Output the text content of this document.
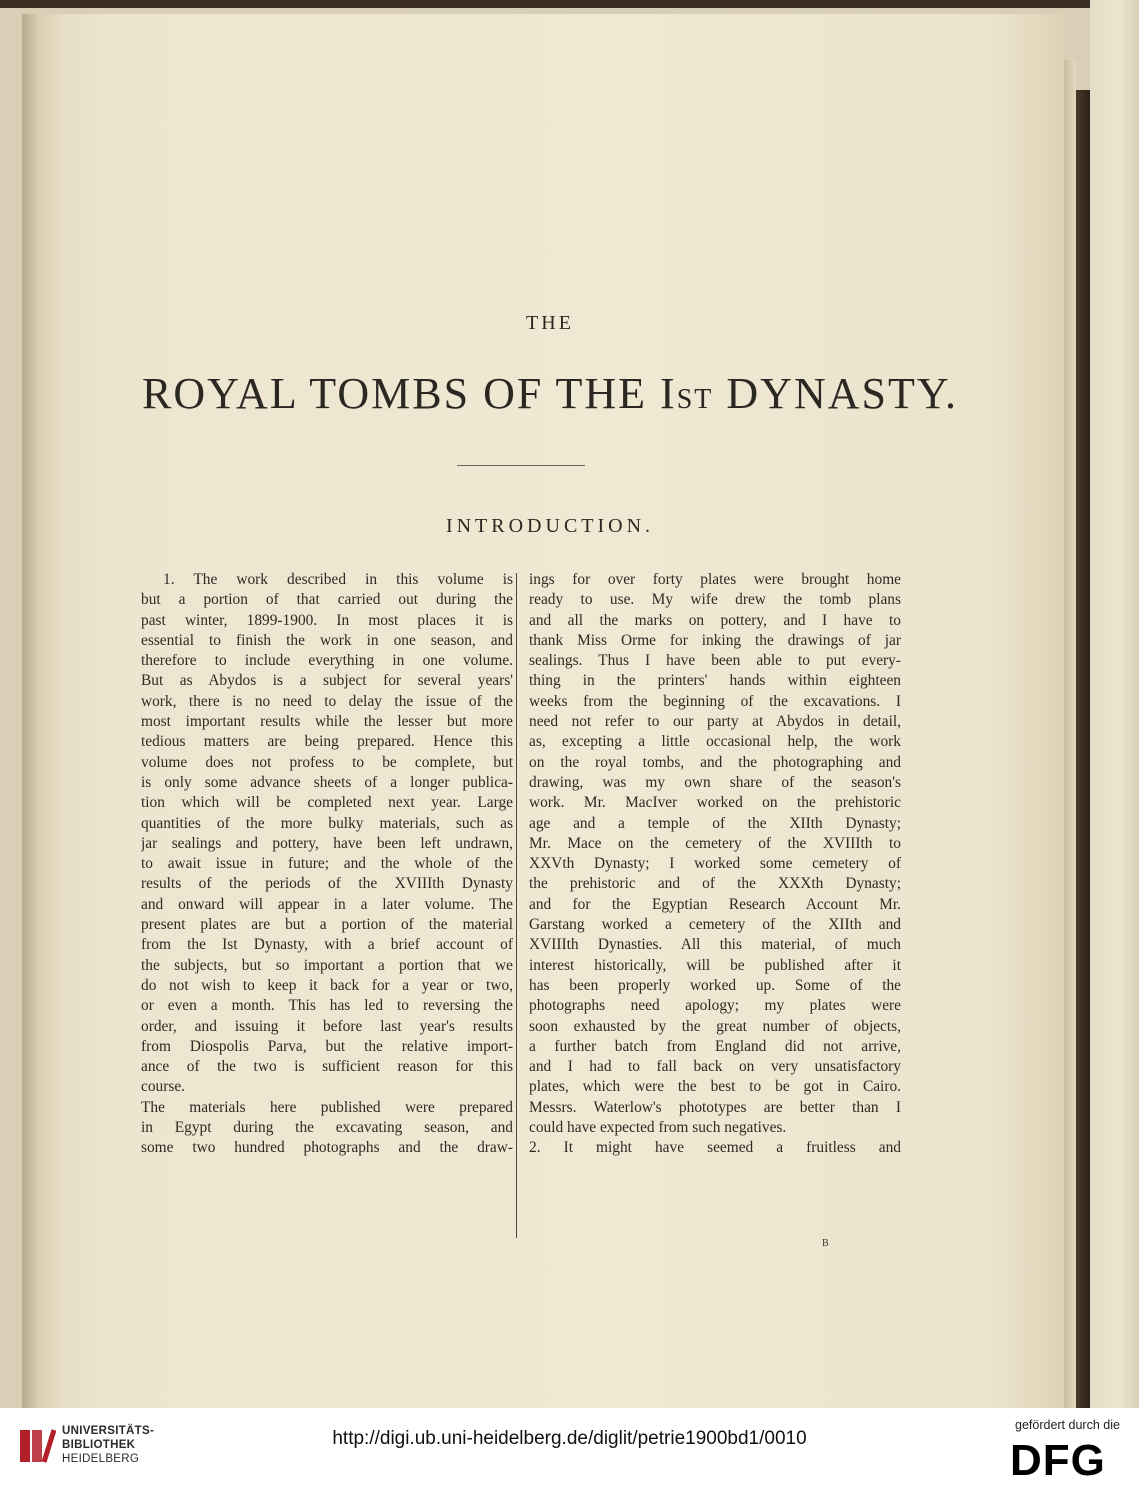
THE
ROYAL TOMBS OF THE IST DYNASTY.
INTRODUCTION.
1. The work described in this volume is
but a portion of that carried out during the
past winter, 1899-1900. In most places it is
essential to finish the work in one season, and
therefore to include everything in one volume.
But as Abydos is a subject for several years'
work, there is no need to delay the issue of the
most important results while the lesser but more
tedious matters are being prepared. Hence this
volume does not profess to be complete, but
is only some advance sheets of a longer publica-
tion which will be completed next year. Large
quantities of the more bulky materials, such as
jar sealings and pottery, have been left undrawn,
to await issue in future; and the whole of the
results of the periods of the XVIIIth Dynasty
and onward will appear in a later volume. The
present plates are but a portion of the material
from the Ist Dynasty, with a brief account of
the subjects, but so important a portion that we
do not wish to keep it back for a year or two,
or even a month. This has led to reversing the
order, and issuing it before last year's results
from Diospolis Parva, but the relative import-
ance of the two is sufficient reason for this
course.
The materials here published were prepared
in Egypt during the excavating season, and
some two hundred photographs and the draw-
ings for over forty plates were brought home
ready to use. My wife drew the tomb plans
and all the marks on pottery, and I have to
thank Miss Orme for inking the drawings of jar
sealings. Thus I have been able to put every-
thing in the printers' hands within eighteen
weeks from the beginning of the excavations. I
need not refer to our party at Abydos in detail,
as, excepting a little occasional help, the work
on the royal tombs, and the photographing and
drawing, was my own share of the season's
work. Mr. MacIver worked on the prehistoric
age and a temple of the XIIth Dynasty;
Mr. Mace on the cemetery of the XVIIIth to
XXVth Dynasty; I worked some cemetery of
the prehistoric and of the XXXth Dynasty;
and for the Egyptian Research Account Mr.
Garstang worked a cemetery of the XIIth and
XVIIIth Dynasties. All this material, of much
interest historically, will be published after it
has been properly worked up. Some of the
photographs need apology; my plates were
soon exhausted by the great number of objects,
a further batch from England did not arrive,
and I had to fall back on very unsatisfactory
plates, which were the best to be got in Cairo.
Messrs. Waterlow's phototypes are better than I
could have expected from such negatives.
2. It might have seemed a fruitless and
B
UNIVERSITÄTS-
BIBLIOTHEK
HEIDELBERG
http://digi.ub.uni-heidelberg.de/diglit/petrie1900bd1/0010
gefördert durch die
DFG
